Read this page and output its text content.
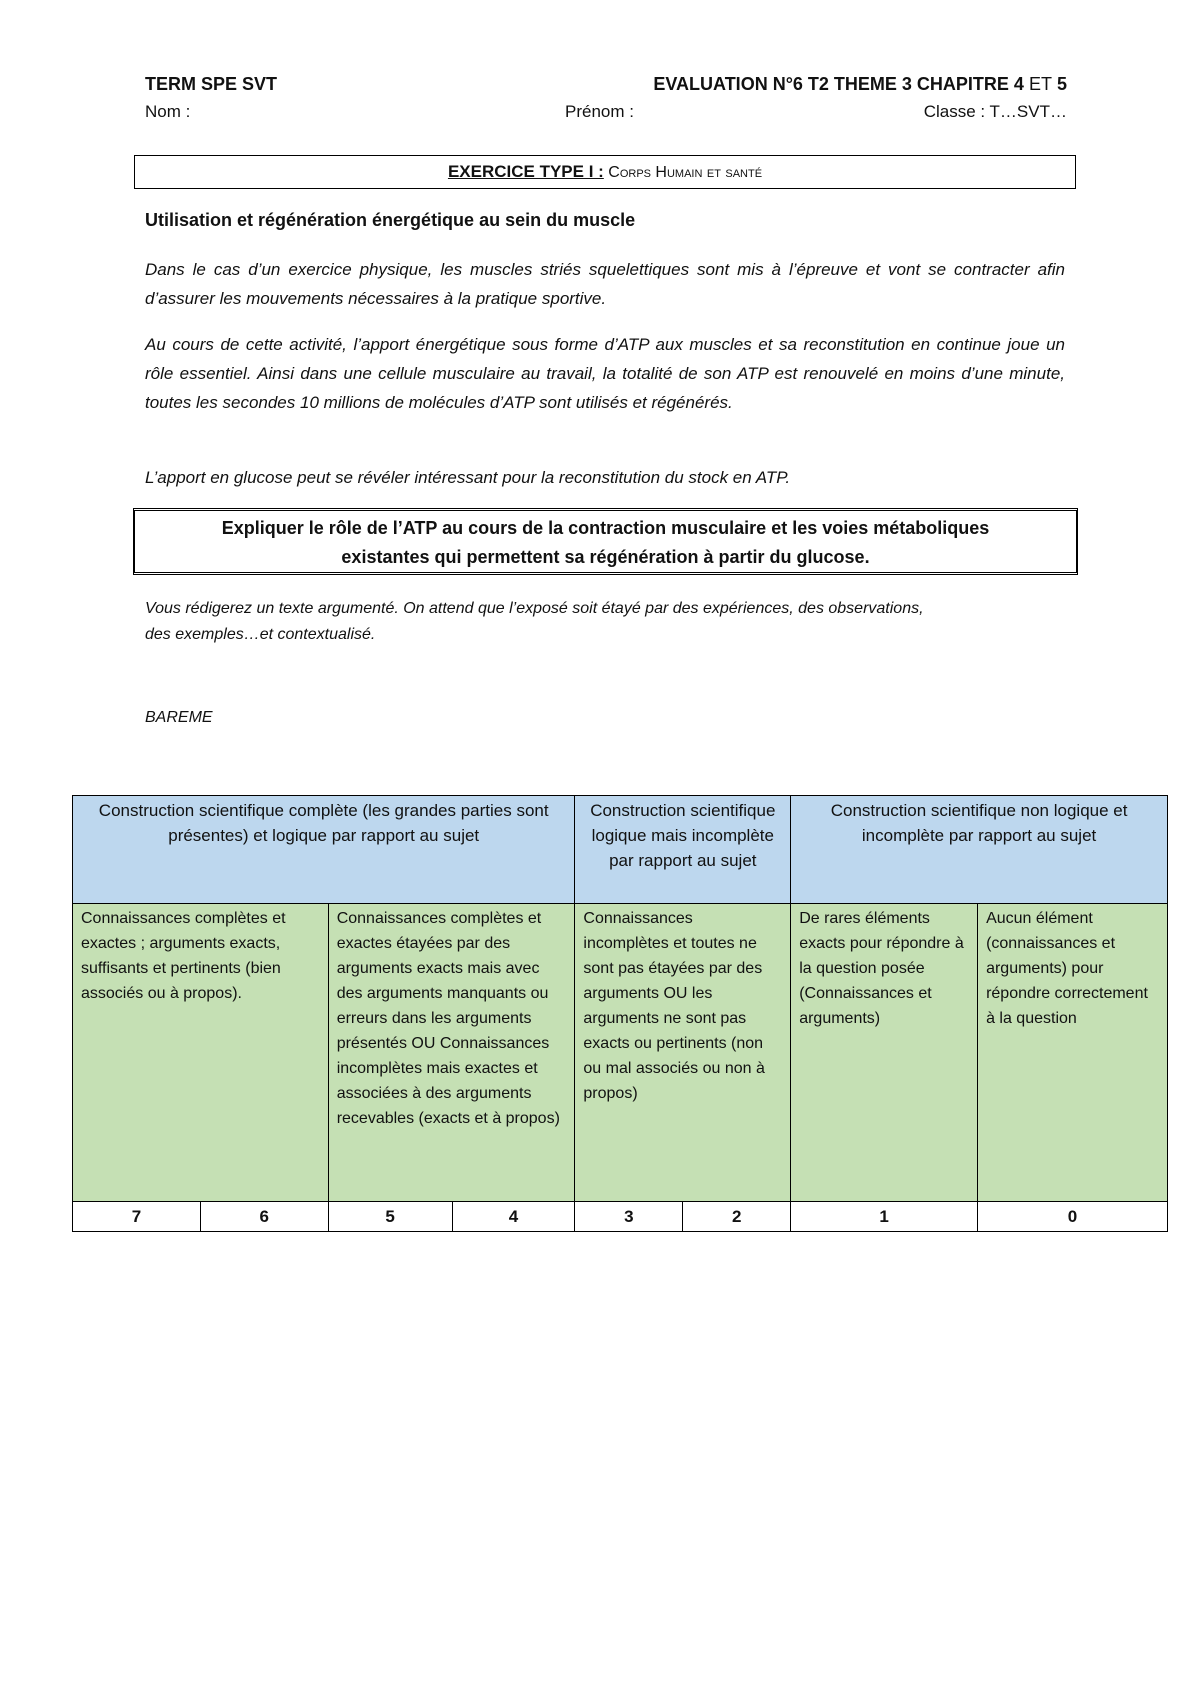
TERM SPE SVT	EVALUATION N°6 T2 THEME 3 CHAPITRE 4 ET 5
Nom :	Prénom :	Classe : T…SVT…
EXERCICE TYPE I : Corps Humain et santé
Utilisation et régénération énergétique au sein du muscle
Dans le cas d’un exercice physique, les muscles striés squelettiques sont mis à l’épreuve et vont se contracter afin d’assurer les mouvements nécessaires à la pratique sportive.
Au cours de cette activité, l’apport énergétique sous forme d’ATP aux muscles et sa reconstitution en continue joue un rôle essentiel. Ainsi dans une cellule musculaire au travail, la totalité de son ATP est renouvelé en moins d’une minute, toutes les secondes 10 millions de molécules d’ATP sont utilisés et régénérés.
L’apport en glucose peut se révéler intéressant pour la reconstitution du stock en ATP.
Expliquer le rôle de l’ATP au cours de la contraction musculaire et les voies métaboliques
existantes qui permettent sa régénération à partir du glucose.
Vous rédigerez un texte argumenté. On attend que l’exposé soit étayé par des expériences, des observations,
des exemples…et contextualisé.
BAREME
Construction scientifique complète (les grandes parties sont présentes) et logique par rapport au sujet				Construction scientifique logique mais incomplète par rapport au sujet		Construction scientifique non logique et incomplète par rapport au sujet	
Connaissances complètes et exactes ; arguments exacts, suffisants et pertinents (bien associés ou à propos).		Connaissances complètes et exactes étayées par des arguments exacts mais avec des arguments manquants ou erreurs dans les arguments présentés OU Connaissances incomplètes mais exactes et associées à des arguments recevables (exacts et à propos)		Connaissances incomplètes et toutes ne sont pas étayées par des arguments OU les arguments ne sont pas exacts ou pertinents (non ou mal associés ou non à propos)		De rares éléments exacts pour répondre à la question posée (Connaissances et arguments)	Aucun élément (connaissances et arguments) pour répondre correctement à la question
7	6	5	4	3	2	1	0
